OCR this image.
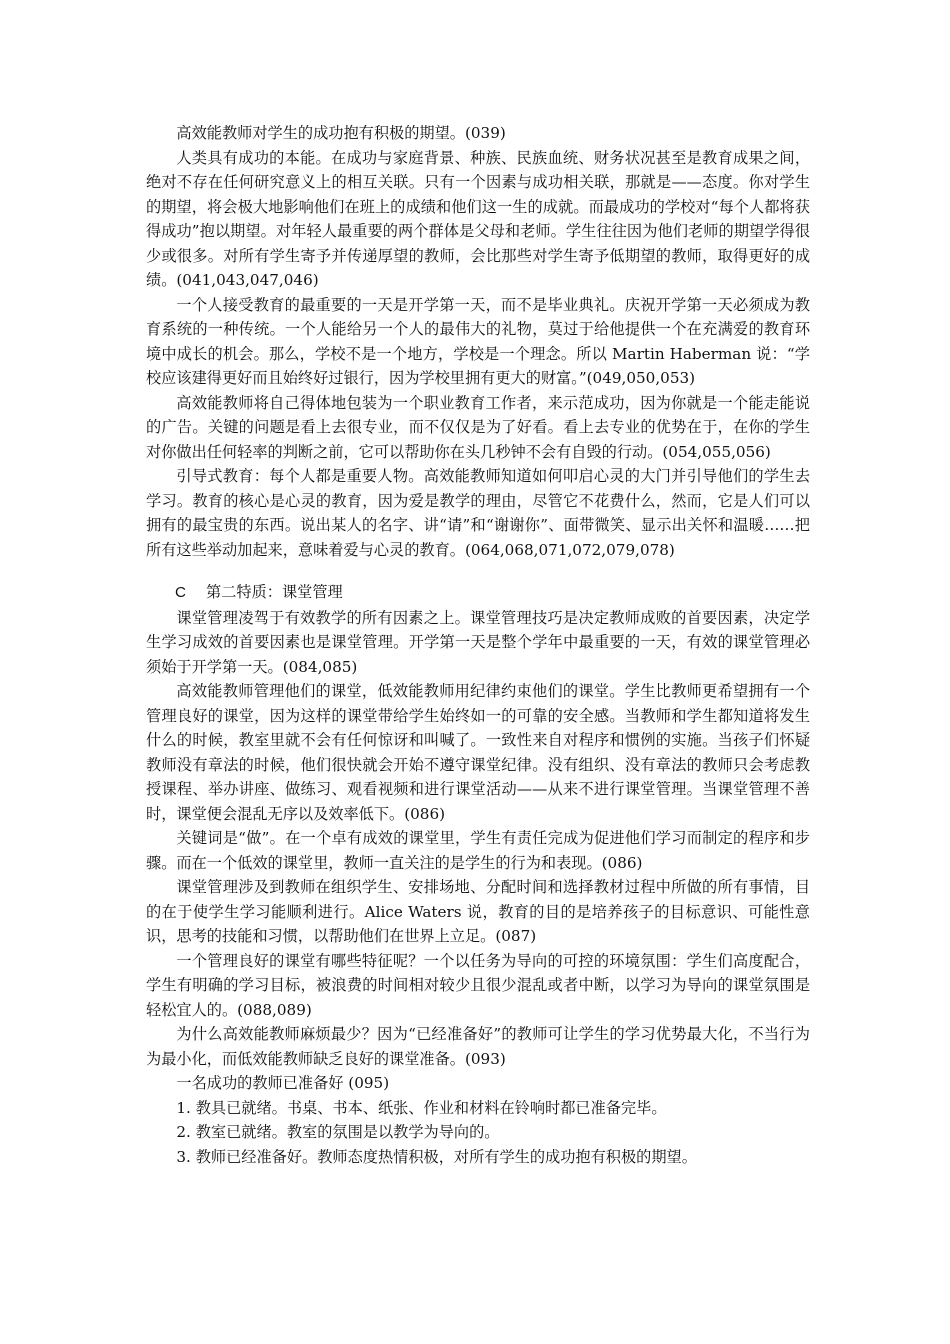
高效能教师对学生的成功抱有积极的期望。(039)

人类具有成功的本能。在成功与家庭背景、种族、民族血统、财务状况甚至是教育成果之间，绝对不存在任何研究意义上的相互关联。只有一个因素与成功相关联，那就是——态度。你对学生的期望，将会极大地影响他们在班上的成绩和他们这一生的成就。而最成功的学校对“每个人都将获得成功”抱以期望。对年轻人最重要的两个群体是父母和老师。学生往往因为他们老师的期望学得很少或很多。对所有学生寄予并传递厚望的教师，会比那些对学生寄予低期望的教师，取得更好的成绩。(041,043,047,046)

一个人接受教育的最重要的一天是开学第一天，而不是毕业典礼。庆祝开学第一天必须成为教育系统的一种传统。一个人能给另一个人的最伟大的礼物，莫过于给他提供一个在充满爱的教育环境中成长的机会。那么，学校不是一个地方，学校是一个理念。所以 Martin Haberman 说：“学校应该建得更好而且始终好过银行，因为学校里拥有更大的财富。”(049,050,053)

高效能教师将自己得体地包装为一个职业教育工作者，来示范成功，因为你就是一个能走能说的广告。关键的问题是看上去很专业，而不仅仅是为了好看。看上去专业的优势在于，在你的学生对你做出任何轻率的判断之前，它可以帮助你在头几秒钟不会有自毁的行动。(054,055,056)

引导式教育：每个人都是重要人物。高效能教师知道如何叩启心灵的大门并引导他们的学生去学习。教育的核心是心灵的教育，因为爱是教学的理由，尽管它不花费什么，然而，它是人们可以拥有的最宝贵的东西。说出某人的名字、讲“请”和“谢谢你”、面带微笑、显示出关怀和温暖……把所有这些举动加起来，意味着爱与心灵的教育。(064,068,071,072,079,078)

C	第二特质：课堂管理

课堂管理凌驾于有效教学的所有因素之上。课堂管理技巧是决定教师成败的首要因素，决定学生学习成效的首要因素也是课堂管理。开学第一天是整个学年中最重要的一天，有效的课堂管理必须始于开学第一天。(084,085)

高效能教师管理他们的课堂，低效能教师用纪律约束他们的课堂。学生比教师更希望拥有一个管理良好的课堂，因为这样的课堂带给学生始终如一的可靠的安全感。当教师和学生都知道将发生什么的时候，教室里就不会有任何惊讶和叫喊了。一致性来自对程序和惯例的实施。当孩子们怀疑教师没有章法的时候，他们很快就会开始不遵守课堂纪律。没有组织、没有章法的教师只会考虑教授课程、举办讲座、做练习、观看视频和进行课堂活动——从来不进行课堂管理。当课堂管理不善时，课堂便会混乱无序以及效率低下。(086)

关键词是“做”。在一个卓有成效的课堂里，学生有责任完成为促进他们学习而制定的程序和步骤。而在一个低效的课堂里，教师一直关注的是学生的行为和表现。(086)

课堂管理涉及到教师在组织学生、安排场地、分配时间和选择教材过程中所做的所有事情，目的在于使学生学习能顺利进行。Alice Waters 说，教育的目的是培养孩子的目标意识、可能性意识，思考的技能和习惯，以帮助他们在世界上立足。(087)

一个管理良好的课堂有哪些特征呢？一个以任务为导向的可控的环境氛围：学生们高度配合，学生有明确的学习目标，被浪费的时间相对较少且很少混乱或者中断，以学习为导向的课堂氛围是轻松宜人的。(088,089)

为什么高效能教师麻烦最少？因为“已经准备好”的教师可让学生的学习优势最大化，不当行为为最小化，而低效能教师缺乏良好的课堂准备。(093)

一名成功的教师已准备好 (095)

1. 教具已就绪。书桌、书本、纸张、作业和材料在铃响时都已准备完毕。

2. 教室已就绪。教室的氛围是以教学为导向的。

3. 教师已经准备好。教师态度热情积极，对所有学生的成功抱有积极的期望。
